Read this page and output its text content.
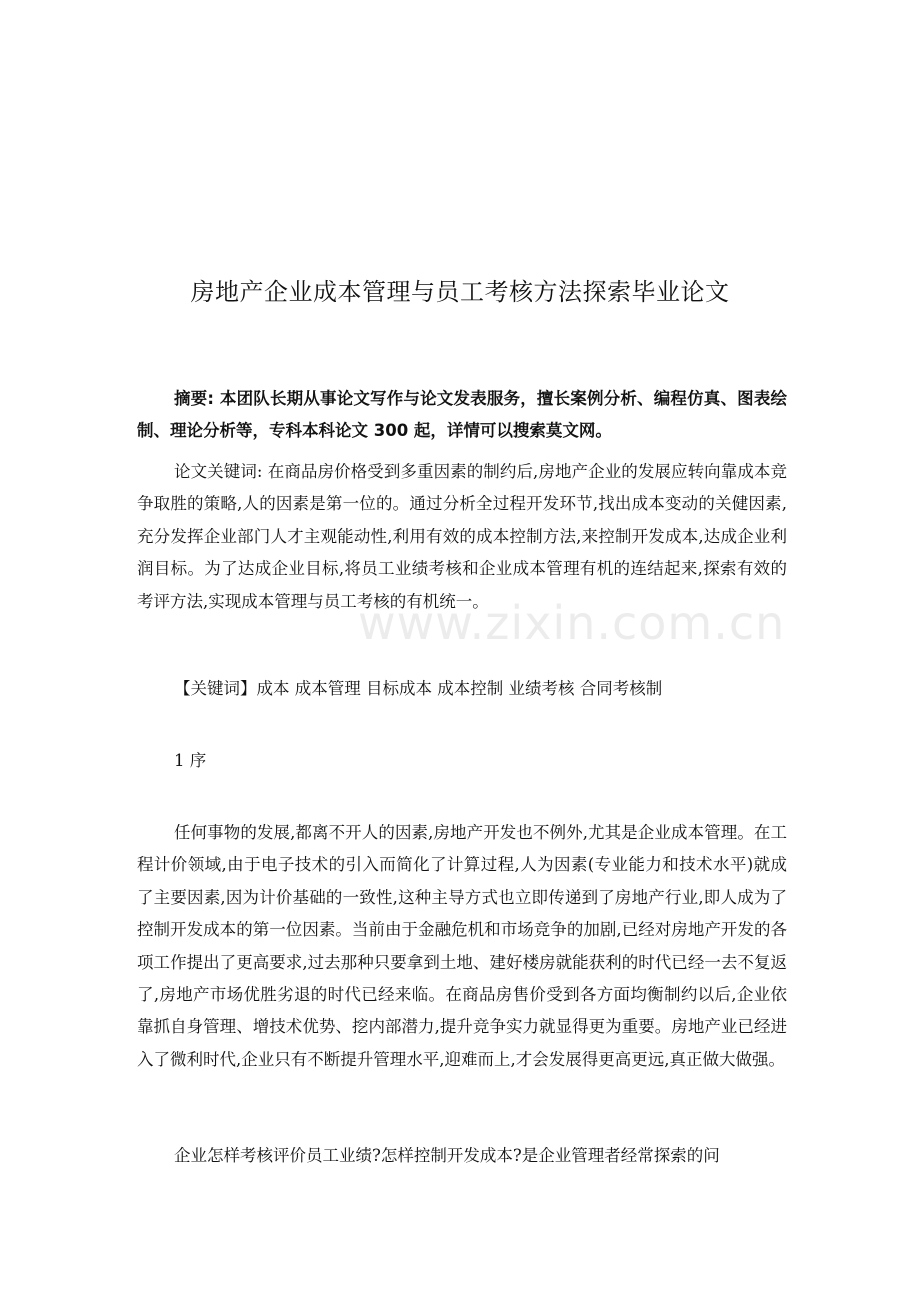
房地产企业成本管理与员工考核方法探索毕业论文

摘要: 本团队长期从事论文写作与论文发表服务，擅长案例分析、编程仿真、图表绘制、理论分析等，专科本科论文 300 起，详情可以搜索莫文网。

论文关键词: 在商品房价格受到多重因素的制约后,房地产企业的发展应转向靠成本竞争取胜的策略,人的因素是第一位的。通过分析全过程开发环节,找出成本变动的关健因素,充分发挥企业部门人才主观能动性,利用有效的成本控制方法,来控制开发成本,达成企业利润目标。为了达成企业目标,将员工业绩考核和企业成本管理有机的连结起来,探索有效的考评方法,实现成本管理与员工考核的有机统一。

【关键词】成本 成本管理 目标成本 成本控制 业绩考核 合同考核制

1 序

任何事物的发展,都离不开人的因素,房地产开发也不例外,尤其是企业成本管理。在工程计价领域,由于电子技术的引入而简化了计算过程,人为因素(专业能力和技术水平)就成了主要因素,因为计价基础的一致性,这种主导方式也立即传递到了房地产行业,即人成为了控制开发成本的第一位因素。当前由于金融危机和市场竞争的加剧,已经对房地产开发的各项工作提出了更高要求,过去那种只要拿到土地、建好楼房就能获利的时代已经一去不复返了,房地产市场优胜劣退的时代已经来临。在商品房售价受到各方面均衡制约以后,企业依靠抓自身管理、增技术优势、挖内部潜力,提升竞争实力就显得更为重要。房地产业已经进入了微利时代,企业只有不断提升管理水平,迎难而上,才会发展得更高更远,真正做大做强。

企业怎样考核评价员工业绩?怎样控制开发成本?是企业管理者经常探索的问

www.zixin.com.cn
